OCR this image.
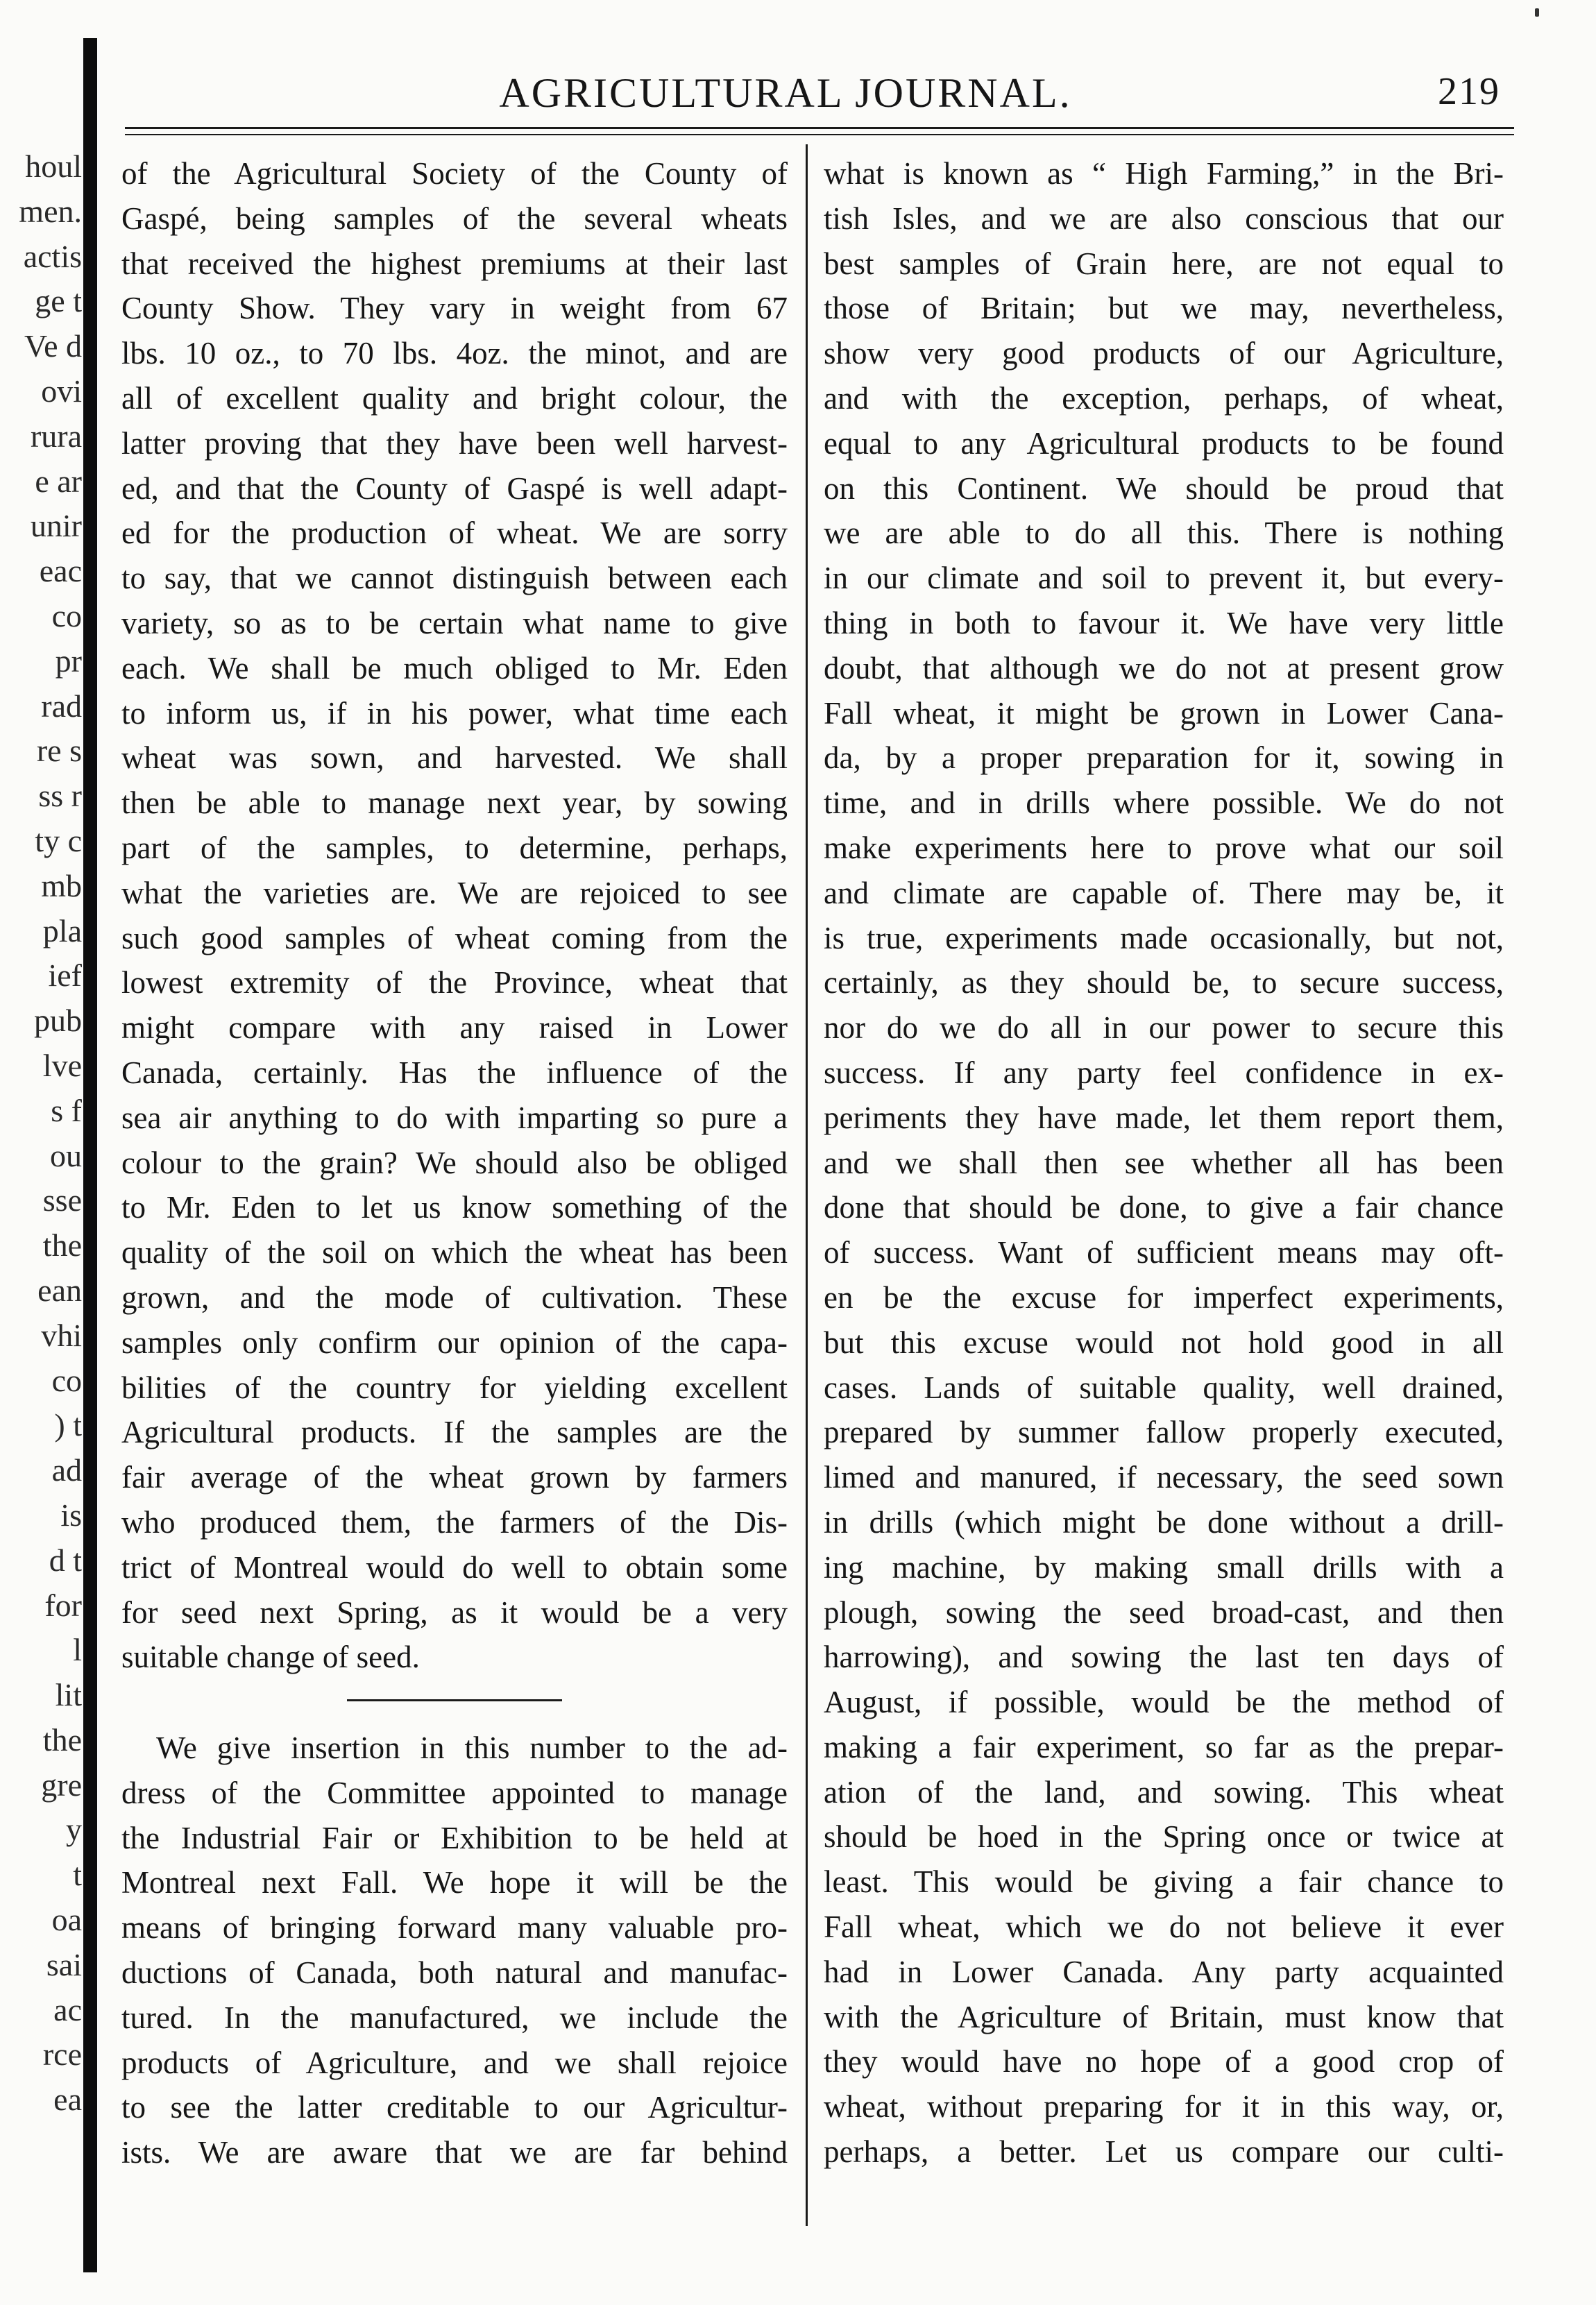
houl
men.
actis
ge t
Ve d
ovi
rura
e ar
unir
eac
co
pr
rad
re s
ss r
ty c
mb
pla
ief
pub
lve
s f
ou
sse
the
ean
vhi
co
) t
ad
is
d t
for
l
lit
the
gre
y
t
oa
sai
ac
rce
ea
AGRICULTURAL JOURNAL.	219
of the Agricultural Society of the County of
Gaspé, being samples of the several wheats
that received the highest premiums at their last
County Show. They vary in weight from 67
lbs. 10 oz., to 70 lbs. 4oz. the minot, and are
all of excellent quality and bright colour, the
latter proving that they have been well harvest-
ed, and that the County of Gaspé is well adapt-
ed for the production of wheat. We are sorry
to say, that we cannot distinguish between each
variety, so as to be certain what name to give
each. We shall be much obliged to Mr. Eden
to inform us, if in his power, what time each
wheat was sown, and harvested. We shall
then be able to manage next year, by sowing
part of the samples, to determine, perhaps,
what the varieties are. We are rejoiced to see
such good samples of wheat coming from the
lowest extremity of the Province, wheat that
might compare with any raised in Lower
Canada, certainly. Has the influence of the
sea air anything to do with imparting so pure a
colour to the grain? We should also be obliged
to Mr. Eden to let us know something of the
quality of the soil on which the wheat has been
grown, and the mode of cultivation. These
samples only confirm our opinion of the capa-
bilities of the country for yielding excellent
Agricultural products. If the samples are the
fair average of the wheat grown by farmers
who produced them, the farmers of the Dis-
trict of Montreal would do well to obtain some
for seed next Spring, as it would be a very
suitable change of seed.
We give insertion in this number to the ad-
dress of the Committee appointed to manage
the Industrial Fair or Exhibition to be held at
Montreal next Fall. We hope it will be the
means of bringing forward many valuable pro-
ductions of Canada, both natural and manufac-
tured. In the manufactured, we include the
products of Agriculture, and we shall rejoice
to see the latter creditable to our Agricultur-
ists. We are aware that we are far behind
what is known as “ High Farming,” in the Bri-
tish Isles, and we are also conscious that our
best samples of Grain here, are not equal to
those of Britain; but we may, nevertheless,
show very good products of our Agriculture,
and with the exception, perhaps, of wheat,
equal to any Agricultural products to be found
on this Continent. We should be proud that
we are able to do all this. There is nothing
in our climate and soil to prevent it, but every-
thing in both to favour it. We have very little
doubt, that although we do not at present grow
Fall wheat, it might be grown in Lower Cana-
da, by a proper preparation for it, sowing in
time, and in drills where possible. We do not
make experiments here to prove what our soil
and climate are capable of. There may be, it
is true, experiments made occasionally, but not,
certainly, as they should be, to secure success,
nor do we do all in our power to secure this
success. If any party feel confidence in ex-
periments they have made, let them report them,
and we shall then see whether all has been
done that should be done, to give a fair chance
of success. Want of sufficient means may oft-
en be the excuse for imperfect experiments,
but this excuse would not hold good in all
cases. Lands of suitable quality, well drained,
prepared by summer fallow properly executed,
limed and manured, if necessary, the seed sown
in drills (which might be done without a drill-
ing machine, by making small drills with a
plough, sowing the seed broad-cast, and then
harrowing), and sowing the last ten days of
August, if possible, would be the method of
making a fair experiment, so far as the prepar-
ation of the land, and sowing. This wheat
should be hoed in the Spring once or twice at
least. This would be giving a fair chance to
Fall wheat, which we do not believe it ever
had in Lower Canada. Any party acquainted
with the Agriculture of Britain, must know that
they would have no hope of a good crop of
wheat, without preparing for it in this way, or,
perhaps, a better. Let us compare our culti-
